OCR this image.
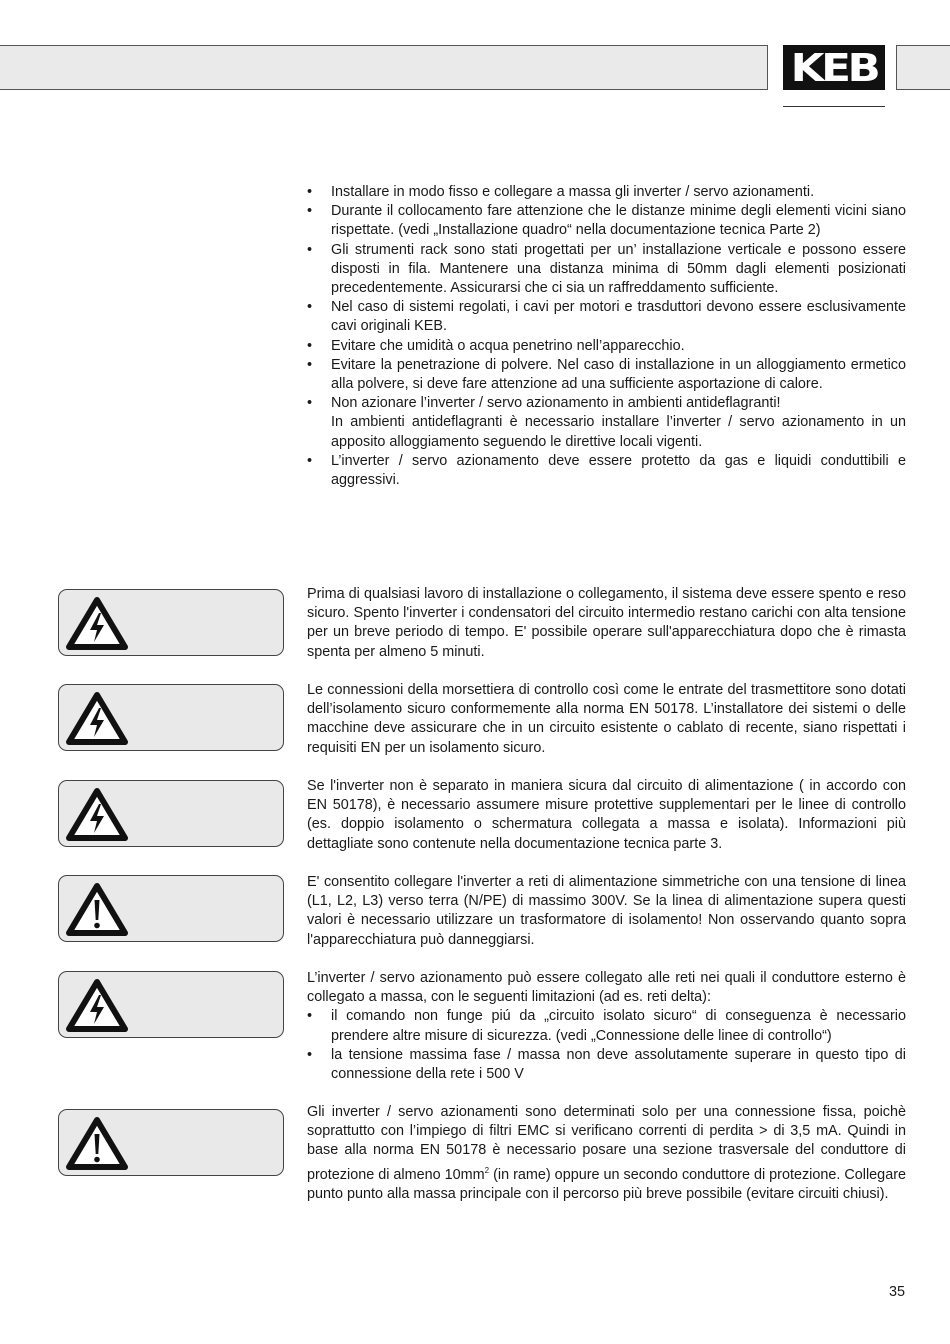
KEB
• Installare in modo fisso e collegare a massa gli inverter / servo azionamenti.
• Durante il collocamento fare attenzione che le distanze minime degli elementi vicini siano rispettate. (vedi „Installazione quadro“ nella documentazione tecnica Parte 2)
• Gli strumenti rack sono stati progettati per un’ installazione verticale e possono essere disposti in fila. Mantenere una distanza minima di 50mm dagli elementi posizionati precedentemente. Assicurarsi che ci sia un raffreddamento sufficiente.
• Nel caso di sistemi regolati, i cavi per motori e trasduttori devono essere esclusivamente cavi originali KEB.
• Evitare che umidità o acqua penetrino nell’apparecchio.
• Evitare la penetrazione di polvere. Nel caso di installazione in un alloggiamento ermetico alla polvere, si deve fare attenzione ad una sufficiente asportazione di calore.
• Non azionare l’inverter / servo azionamento in ambienti antideflagranti!
In ambienti antideflagranti è necessario installare l’inverter / servo azionamento in un apposito alloggiamento seguendo le direttive locali vigenti.
• L’inverter / servo azionamento deve essere protetto da gas e liquidi conduttibili e aggressivi.

Prima di qualsiasi lavoro di installazione o collegamento, il sistema deve essere spento e reso sicuro. Spento l'inverter i condensatori del circuito intermedio restano carichi con alta tensione per un breve periodo di tempo. E' possibile operare sull'apparecchiatura dopo che è rimasta spenta per almeno 5 minuti.

Le connessioni della morsettiera di controllo così come le entrate del trasmettitore sono dotati dell’isolamento sicuro conformemente alla norma EN 50178. L’installatore dei sistemi o delle macchine deve assicurare che in un circuito esistente o cablato di recente, siano rispettati i requisiti EN per un isolamento sicuro.

Se l'inverter non è separato in maniera sicura dal circuito di alimentazione ( in accordo con EN 50178), è necessario assumere misure protettive supplementari per le linee di controllo (es. doppio isolamento o schermatura collegata a massa e isolata). Informazioni più dettagliate sono contenute nella documentazione tecnica parte 3.

E' consentito collegare l'inverter a reti di alimentazione simmetriche con una tensione di linea (L1, L2, L3) verso terra (N/PE) di massimo 300V. Se la linea di alimentazione supera questi valori è necessario utilizzare un trasformatore di isolamento! Non osservando quanto sopra l'apparecchiatura può danneggiarsi.

L’inverter / servo azionamento può essere collegato alle reti nei quali il conduttore esterno è collegato a massa, con le seguenti limitazioni (ad es. reti delta):
• il comando non funge piú da „circuito isolato sicuro“ di conseguenza è necessario prendere altre misure di sicurezza. (vedi „Connessione delle linee di controllo“)
• la tensione massima fase / massa non deve assolutamente superare in questo tipo di connessione della rete i 500 V

Gli inverter / servo azionamenti sono determinati solo per una connessione fissa, poichè soprattutto con l’impiego di filtri EMC si verificano correnti di perdita > di 3,5 mA. Quindi in base alla norma EN 50178 è necessario posare una sezione trasversale del conduttore di protezione di almeno $10mm^2$ (in rame) oppure un secondo conduttore di protezione. Collegare punto punto alla massa principale con il percorso più breve possibile (evitare circuiti chiusi).

35
